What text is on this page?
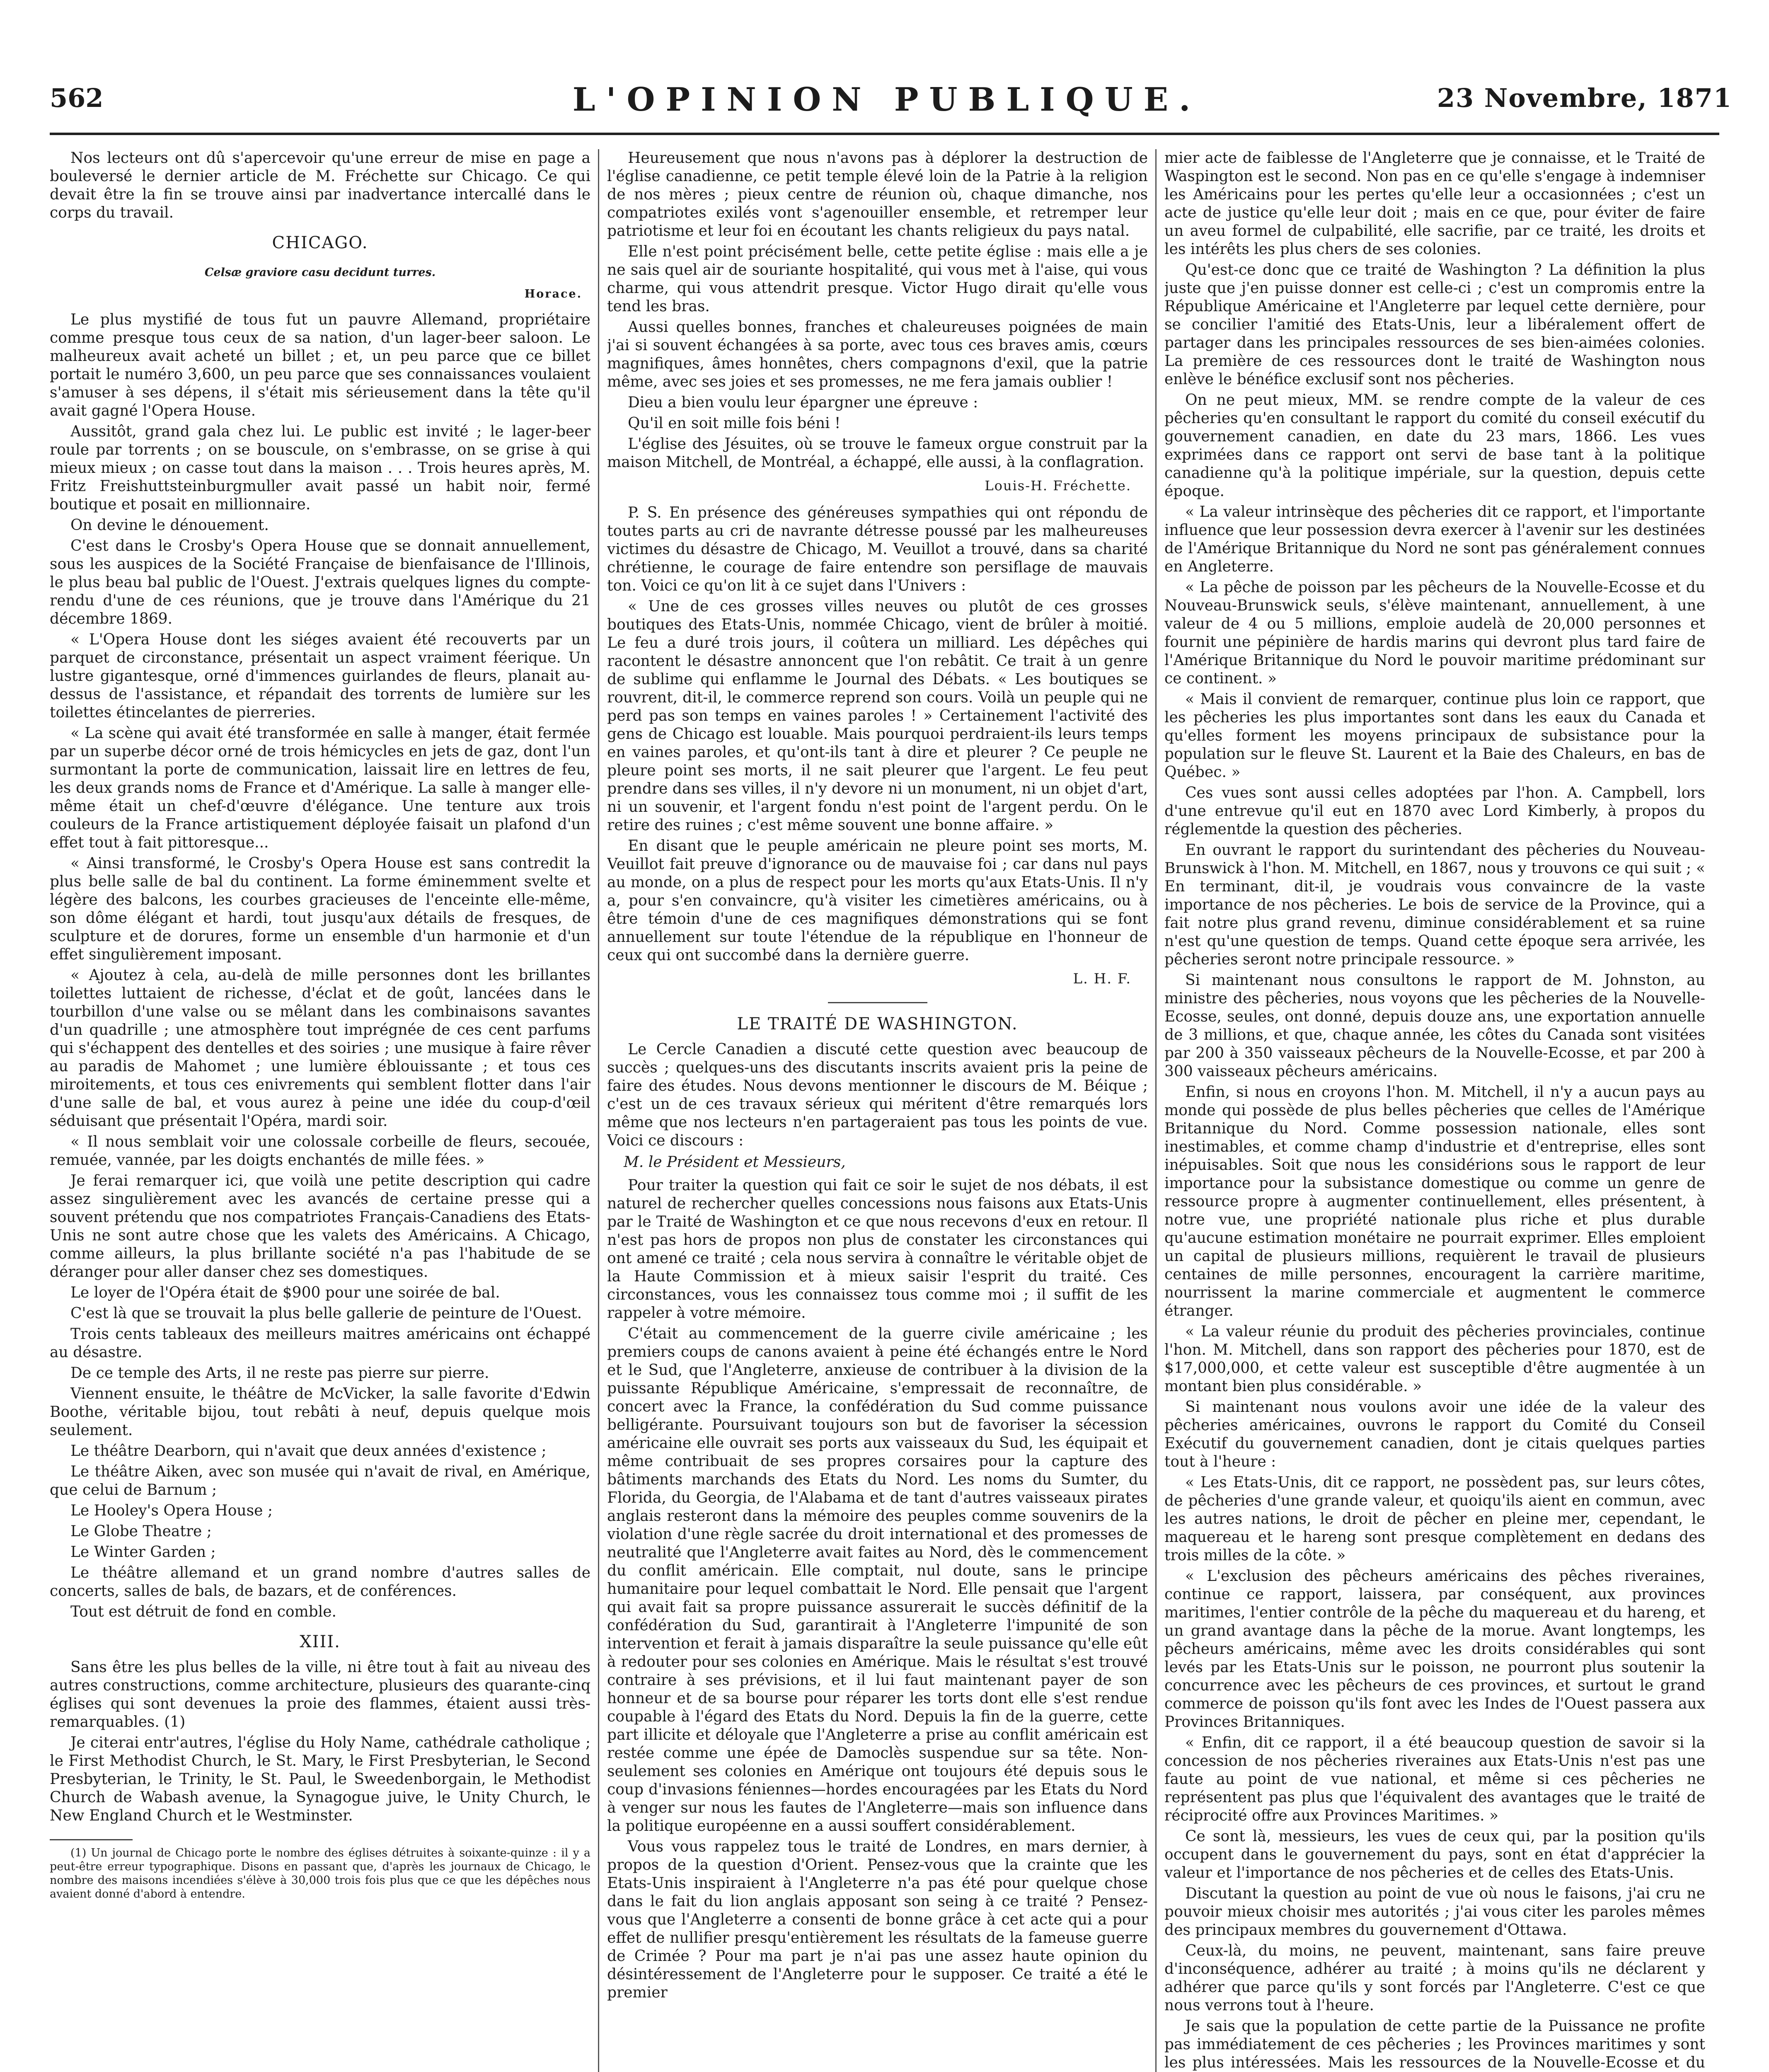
562	L'OPINION PUBLIQUE.	23 Novembre, 1871

Nos lecteurs ont dû s'apercevoir qu'une erreur de mise en page a bouleversé le dernier article de M. Fréchette sur Chicago. Ce qui devait être la fin se trouve ainsi par inadvertance intercallé dans le corps du travail.

CHICAGO.
Celsæ graviore casu decidunt turres.
Horace.

Le plus mystifié de tous fut un pauvre Allemand, propriétaire comme presque tous ceux de sa nation, d'un lager-beer saloon. Le malheureux avait acheté un billet ; et, un peu parce que ce billet portait le numéro 3,600, un peu parce que ses connaissances voulaient s'amuser à ses dépens, il s'était mis sérieusement dans la tête qu'il avait gagné l'Opera House.

Aussitôt, grand gala chez lui. Le public est invité ; le lager-beer roule par torrents ; on se bouscule, on s'embrasse, on se grise à qui mieux mieux ; on casse tout dans la maison . . . Trois heures après, M. Fritz Freishuttsteinburgmuller avait passé un habit noir, fermé boutique et posait en millionnaire.

On devine le dénouement.

C'est dans le Crosby's Opera House que se donnait annuellement, sous les auspices de la Société Française de bienfaisance de l'Illinois, le plus beau bal public de l'Ouest. J'extrais quelques lignes du compte-rendu d'une de ces réunions, que je trouve dans l'Amérique du 21 décembre 1869.

« L'Opera House dont les siéges avaient été recouverts par un parquet de circonstance, présentait un aspect vraiment féerique. Un lustre gigantesque, orné d'immences guirlandes de fleurs, planait au-dessus de l'assistance, et répandait des torrents de lumière sur les toilettes étincelantes de pierreries.

« La scène qui avait été transformée en salle à manger, était fermée par un superbe décor orné de trois hémicycles en jets de gaz, dont l'un surmontant la porte de communication, laissait lire en lettres de feu, les deux grands noms de France et d'Amérique. La salle à manger elle-même était un chef-d'œuvre d'élégance. Une tenture aux trois couleurs de la France artistiquement déployée faisait un plafond d'un effet tout à fait pittoresque...

« Ainsi transformé, le Crosby's Opera House est sans contredit la plus belle salle de bal du continent. La forme éminemment svelte et légère des balcons, les courbes gracieuses de l'enceinte elle-même, son dôme élégant et hardi, tout jusqu'aux détails de fresques, de sculpture et de dorures, forme un ensemble d'un harmonie et d'un effet singulièrement imposant.

« Ajoutez à cela, au-delà de mille personnes dont les brillantes toilettes luttaient de richesse, d'éclat et de goût, lancées dans le tourbillon d'une valse ou se mêlant dans les combinaisons savantes d'un quadrille ; une atmosphère tout imprégnée de ces cent parfums qui s'échappent des dentelles et des soiries ; une musique à faire rêver au paradis de Mahomet ; une lumière éblouissante ; et tous ces miroitements, et tous ces enivrements qui semblent flotter dans l'air d'une salle de bal, et vous aurez à peine une idée du coup-d'œil séduisant que présentait l'Opéra, mardi soir.

« Il nous semblait voir une colossale corbeille de fleurs, secouée, remuée, vannée, par les doigts enchantés de mille fées. »

Je ferai remarquer ici, que voilà une petite description qui cadre assez singulièrement avec les avancés de certaine presse qui a souvent prétendu que nos compatriotes Français-Canadiens des Etats-Unis ne sont autre chose que les valets des Américains. A Chicago, comme ailleurs, la plus brillante société n'a pas l'habitude de se déranger pour aller danser chez ses domestiques.

Le loyer de l'Opéra était de $900 pour une soirée de bal.

C'est là que se trouvait la plus belle gallerie de peinture de l'Ouest.

Trois cents tableaux des meilleurs maitres américains ont échappé au désastre.

De ce temple des Arts, il ne reste pas pierre sur pierre.

Viennent ensuite, le théâtre de McVicker, la salle favorite d'Edwin Boothe, véritable bijou, tout rebâti à neuf, depuis quelque mois seulement.

Le théâtre Dearborn, qui n'avait que deux années d'existence ;

Le théâtre Aiken, avec son musée qui n'avait de rival, en Amérique, que celui de Barnum ;

Le Hooley's Opera House ;

Le Globe Theatre ;

Le Winter Garden ;

Le théâtre allemand et un grand nombre d'autres salles de concerts, salles de bals, de bazars, et de conférences.

Tout est détruit de fond en comble.

XIII.

Sans être les plus belles de la ville, ni être tout à fait au niveau des autres constructions, comme architecture, plusieurs des quarante-cinq églises qui sont devenues la proie des flammes, étaient aussi très-remarquables. (1)

Je citerai entr'autres, l'église du Holy Name, cathédrale catholique ; le First Methodist Church, le St. Mary, le First Presbyterian, le Second Presbyterian, le Trinity, le St. Paul, le Sweedenborgain, le Methodist Church de Wabash avenue, la Synagogue juive, le Unity Church, le New England Church et le Westminster.

(1) Un journal de Chicago porte le nombre des églises détruites à soixante-quinze : il y a peut-être erreur typographique. Disons en passant que, d'après les journaux de Chicago, le nombre des maisons incendiées s'élève à 30,000 trois fois plus que ce que les dépêches nous avaient donné d'abord à entendre.

Heureusement que nous n'avons pas à déplorer la destruction de l'église canadienne, ce petit temple élevé loin de la Patrie à la religion de nos mères ; pieux centre de réunion où, chaque dimanche, nos compatriotes exilés vont s'agenouiller ensemble, et retremper leur patriotisme et leur foi en écoutant les chants religieux du pays natal.

Elle n'est point précisément belle, cette petite église : mais elle a je ne sais quel air de souriante hospitalité, qui vous met à l'aise, qui vous charme, qui vous attendrit presque. Victor Hugo dirait qu'elle vous tend les bras.

Aussi quelles bonnes, franches et chaleureuses poignées de main j'ai si souvent échangées à sa porte, avec tous ces braves amis, cœurs magnifiques, âmes honnêtes, chers compagnons d'exil, que la patrie même, avec ses joies et ses promesses, ne me fera jamais oublier !

Dieu a bien voulu leur épargner une épreuve :

Qu'il en soit mille fois béni !

L'église des Jésuites, où se trouve le fameux orgue construit par la maison Mitchell, de Montréal, a échappé, elle aussi, à la conflagration.

Louis-H. Fréchette.

P. S. En présence des généreuses sympathies qui ont répondu de toutes parts au cri de navrante détresse poussé par les malheureuses victimes du désastre de Chicago, M. Veuillot a trouvé, dans sa charité chrétienne, le courage de faire entendre son persiflage de mauvais ton. Voici ce qu'on lit à ce sujet dans l'Univers :

« Une de ces grosses villes neuves ou plutôt de ces grosses boutiques des Etats-Unis, nommée Chicago, vient de brûler à moitié. Le feu a duré trois jours, il coûtera un milliard. Les dépêches qui racontent le désastre annoncent que l'on rebâtit. Ce trait à un genre de sublime qui enflamme le Journal des Débats. « Les boutiques se rouvrent, dit-il, le commerce reprend son cours. Voilà un peuple qui ne perd pas son temps en vaines paroles ! » Certainement l'activité des gens de Chicago est louable. Mais pourquoi perdraient-ils leurs temps en vaines paroles, et qu'ont-ils tant à dire et pleurer ? Ce peuple ne pleure point ses morts, il ne sait pleurer que l'argent. Le feu peut prendre dans ses villes, il n'y devore ni un monument, ni un objet d'art, ni un souvenir, et l'argent fondu n'est point de l'argent perdu. On le retire des ruines ; c'est même souvent une bonne affaire. »

En disant que le peuple américain ne pleure point ses morts, M. Veuillot fait preuve d'ignorance ou de mauvaise foi ; car dans nul pays au monde, on a plus de respect pour les morts qu'aux Etats-Unis. Il n'y a, pour s'en convaincre, qu'à visiter les cimetières américains, ou à être témoin d'une de ces magnifiques démonstrations qui se font annuellement sur toute l'étendue de la république en l'honneur de ceux qui ont succombé dans la dernière guerre.

L. H. F.
LE TRAITÉ DE WASHINGTON.

Le Cercle Canadien a discuté cette question avec beaucoup de succès ; quelques-uns des discutants inscrits avaient pris la peine de faire des études. Nous devons mentionner le discours de M. Béique ; c'est un de ces travaux sérieux qui méritent d'être remarqués lors même que nos lecteurs n'en partageraient pas tous les points de vue. Voici ce discours :

M. le Président et Messieurs,

Pour traiter la question qui fait ce soir le sujet de nos débats, il est naturel de rechercher quelles concessions nous faisons aux Etats-Unis par le Traité de Washington et ce que nous recevons d'eux en retour. Il n'est pas hors de propos non plus de constater les circonstances qui ont amené ce traité ; cela nous servira à connaître le véritable objet de la Haute Commission et à mieux saisir l'esprit du traité. Ces circonstances, vous les connaissez tous comme moi ; il suffit de les rappeler à votre mémoire.

C'était au commencement de la guerre civile américaine ; les premiers coups de canons avaient à peine été échangés entre le Nord et le Sud, que l'Angleterre, anxieuse de contribuer à la division de la puissante République Américaine, s'empressait de reconnaître, de concert avec la France, la confédération du Sud comme puissance belligérante. Poursuivant toujours son but de favoriser la sécession américaine elle ouvrait ses ports aux vaisseaux du Sud, les équipait et même contribuait de ses propres corsaires pour la capture des bâtiments marchands des Etats du Nord. Les noms du Sumter, du Florida, du Georgia, de l'Alabama et de tant d'autres vaisseaux pirates anglais resteront dans la mémoire des peuples comme souvenirs de la violation d'une règle sacrée du droit international et des promesses de neutralité que l'Angleterre avait faites au Nord, dès le commencement du conflit américain. Elle comptait, nul doute, sans le principe humanitaire pour lequel combattait le Nord. Elle pensait que l'argent qui avait fait sa propre puissance assurerait le succès définitif de la confédération du Sud, garantirait à l'Angleterre l'impunité de son intervention et ferait à jamais disparaître la seule puissance qu'elle eût à redouter pour ses colonies en Amérique. Mais le résultat s'est trouvé contraire à ses prévisions, et il lui faut maintenant payer de son honneur et de sa bourse pour réparer les torts dont elle s'est rendue coupable à l'égard des Etats du Nord. Depuis la fin de la guerre, cette part illicite et déloyale que l'Angleterre a prise au conflit américain est restée comme une épée de Damoclès suspendue sur sa tête. Non-seulement ses colonies en Amérique ont toujours été depuis sous le coup d'invasions féniennes—hordes encouragées par les Etats du Nord à venger sur nous les fautes de l'Angleterre—mais son influence dans la politique européenne en a aussi souffert considérablement.

Vous vous rappelez tous le traité de Londres, en mars dernier, à propos de la question d'Orient. Pensez-vous que la crainte que les Etats-Unis inspiraient à l'Angleterre n'a pas été pour quelque chose dans le fait du lion anglais apposant son seing à ce traité ? Pensez-vous que l'Angleterre a consenti de bonne grâce à cet acte qui a pour effet de nullifier presqu'entièrement les résultats de la fameuse guerre de Crimée ? Pour ma part je n'ai pas une assez haute opinion du désintéressement de l'Angleterre pour le supposer. Ce traité a été le premier

mier acte de faiblesse de l'Angleterre que je connaisse, et le Traité de Waspington est le second. Non pas en ce qu'elle s'engage à indemniser les Américains pour les pertes qu'elle leur a occasionnées ; c'est un acte de justice qu'elle leur doit ; mais en ce que, pour éviter de faire un aveu formel de culpabilité, elle sacrifie, par ce traité, les droits et les intérêts les plus chers de ses colonies.

Qu'est-ce donc que ce traité de Washington ? La définition la plus juste que j'en puisse donner est celle-ci ; c'est un compromis entre la République Américaine et l'Angleterre par lequel cette dernière, pour se concilier l'amitié des Etats-Unis, leur a libéralement offert de partager dans les principales ressources de ses bien-aimées colonies. La première de ces ressources dont le traité de Washington nous enlève le bénéfice exclusif sont nos pêcheries.

On ne peut mieux, MM. se rendre compte de la valeur de ces pêcheries qu'en consultant le rapport du comité du conseil exécutif du gouvernement canadien, en date du 23 mars, 1866. Les vues exprimées dans ce rapport ont servi de base tant à la politique canadienne qu'à la politique impériale, sur la question, depuis cette époque.

« La valeur intrinsèque des pêcheries dit ce rapport, et l'importante influence que leur possession devra exercer à l'avenir sur les destinées de l'Amérique Britannique du Nord ne sont pas généralement connues en Angleterre.

« La pêche de poisson par les pêcheurs de la Nouvelle-Ecosse et du Nouveau-Brunswick seuls, s'élève maintenant, annuellement, à une valeur de 4 ou 5 millions, emploie audelà de 20,000 personnes et fournit une pépinière de hardis marins qui devront plus tard faire de l'Amérique Britannique du Nord le pouvoir maritime prédominant sur ce continent. »

« Mais il convient de remarquer, continue plus loin ce rapport, que les pêcheries les plus importantes sont dans les eaux du Canada et qu'elles forment les moyens principaux de subsistance pour la population sur le fleuve St. Laurent et la Baie des Chaleurs, en bas de Québec. »

Ces vues sont aussi celles adoptées par l'hon. A. Campbell, lors d'une entrevue qu'il eut en 1870 avec Lord Kimberly, à propos du réglementde la question des pêcheries.

En ouvrant le rapport du surintendant des pêcheries du Nouveau-Brunswick à l'hon. M. Mitchell, en 1867, nous y trouvons ce qui suit ; « En terminant, dit-il, je voudrais vous convaincre de la vaste importance de nos pêcheries. Le bois de service de la Province, qui a fait notre plus grand revenu, diminue considérablement et sa ruine n'est qu'une question de temps. Quand cette époque sera arrivée, les pêcheries seront notre principale ressource. »

Si maintenant nous consultons le rapport de M. Johnston, au ministre des pêcheries, nous voyons que les pêcheries de la Nouvelle-Ecosse, seules, ont donné, depuis douze ans, une exportation annuelle de 3 millions, et que, chaque année, les côtes du Canada sont visitées par 200 à 350 vaisseaux pêcheurs de la Nouvelle-Ecosse, et par 200 à 300 vaisseaux pêcheurs américains.

Enfin, si nous en croyons l'hon. M. Mitchell, il n'y a aucun pays au monde qui possède de plus belles pêcheries que celles de l'Amérique Britannique du Nord. Comme possession nationale, elles sont inestimables, et comme champ d'industrie et d'entreprise, elles sont inépuisables. Soit que nous les considérions sous le rapport de leur importance pour la subsistance domestique ou comme un genre de ressource propre à augmenter continuellement, elles présentent, à notre vue, une propriété nationale plus riche et plus durable qu'aucune estimation monétaire ne pourrait exprimer. Elles emploient un capital de plusieurs millions, requièrent le travail de plusieurs centaines de mille personnes, encouragent la carrière maritime, nourrissent la marine commerciale et augmentent le commerce étranger.

« La valeur réunie du produit des pêcheries provinciales, continue l'hon. M. Mitchell, dans son rapport des pêcheries pour 1870, est de $17,000,000, et cette valeur est susceptible d'être augmentée à un montant bien plus considérable. »

Si maintenant nous voulons avoir une idée de la valeur des pêcheries américaines, ouvrons le rapport du Comité du Conseil Exécutif du gouvernement canadien, dont je citais quelques parties tout à l'heure :

« Les Etats-Unis, dit ce rapport, ne possèdent pas, sur leurs côtes, de pêcheries d'une grande valeur, et quoiqu'ils aient en commun, avec les autres nations, le droit de pêcher en pleine mer, cependant, le maquereau et le hareng sont presque complètement en dedans des trois milles de la côte. »

« L'exclusion des pêcheurs américains des pêches riveraines, continue ce rapport, laissera, par conséquent, aux provinces maritimes, l'entier contrôle de la pêche du maquereau et du hareng, et un grand avantage dans la pêche de la morue. Avant longtemps, les pêcheurs américains, même avec les droits considérables qui sont levés par les Etats-Unis sur le poisson, ne pourront plus soutenir la concurrence avec les pêcheurs de ces provinces, et surtout le grand commerce de poisson qu'ils font avec les Indes de l'Ouest passera aux Provinces Britanniques.

« Enfin, dit ce rapport, il a été beaucoup question de savoir si la concession de nos pêcheries riveraines aux Etats-Unis n'est pas une faute au point de vue national, et même si ces pêcheries ne représentent pas plus que l'équivalent des avantages que le traité de réciprocité offre aux Provinces Maritimes. »

Ce sont là, messieurs, les vues de ceux qui, par la position qu'ils occupent dans le gouvernement du pays, sont en état d'apprécier la valeur et l'importance de nos pêcheries et de celles des Etats-Unis.

Discutant la question au point de vue où nous le faisons, j'ai cru ne pouvoir mieux choisir mes autorités ; j'ai vous citer les paroles mêmes des principaux membres du gouvernement d'Ottawa.

Ceux-là, du moins, ne peuvent, maintenant, sans faire preuve d'inconséquence, adhérer au traité ; à moins qu'ils ne déclarent y adhérer que parce qu'ils y sont forcés par l'Angleterre. C'est ce que nous verrons tout à l'heure.

Je sais que la population de cette partie de la Puissance ne profite pas immédiatement de ces pêcheries ; les Provinces maritimes y sont les plus intéressées. Mais les ressources de la Nouvelle-Ecosse et du
